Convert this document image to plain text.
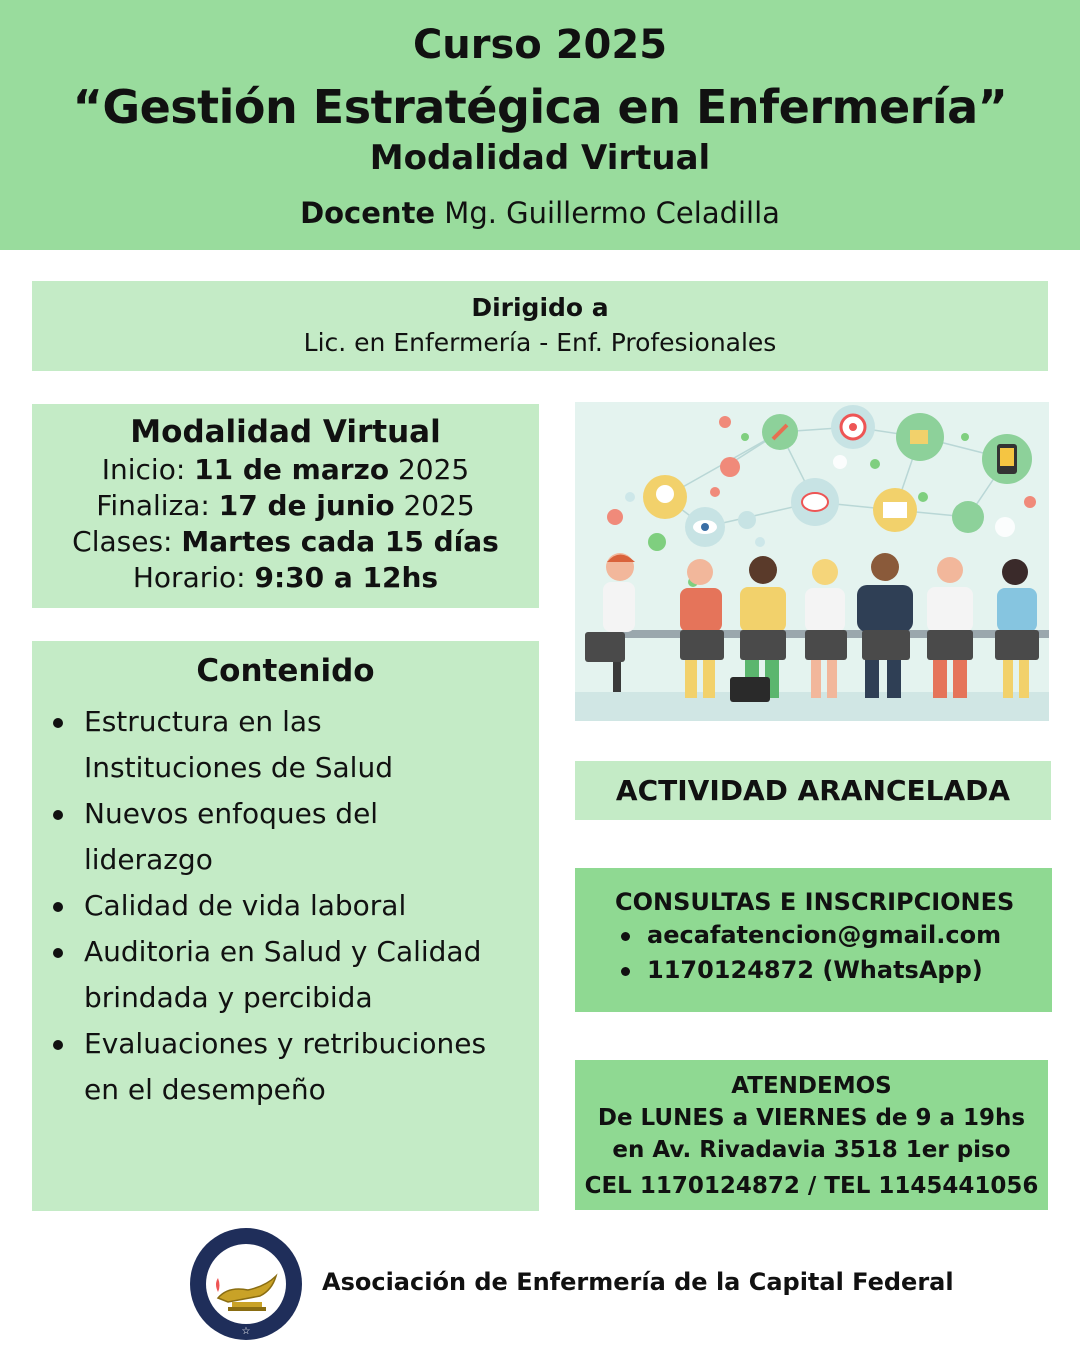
Curso 2025
“Gestión Estratégica en Enfermería”
Modalidad Virtual
Docente Mg. Guillermo Celadilla
Dirigido a
Lic. en Enfermería - Enf. Profesionales
Modalidad Virtual
Inicio: 11 de marzo 2025
Finaliza: 17 de junio 2025
Clases: Martes cada 15 días
Horario: 9:30 a 12hs
Contenido
Estructura en las
Instituciones de Salud
Nuevos enfoques del
liderazgo
Calidad de vida laboral
Auditoria en Salud y Calidad
brindada y percibida
Evaluaciones y retribuciones
en el desempeño
ACTIVIDAD ARANCELADA
CONSULTAS E INSCRIPCIONES
aecafatencion@gmail.com
1170124872 (WhatsApp)
ATENDEMOS
De LUNES a VIERNES de 9 a 19hs
en Av. Rivadavia 3518 1er piso
CEL 1170124872 / TEL 1145441056
☆
Asociación de Enfermería de la Capital Federal
